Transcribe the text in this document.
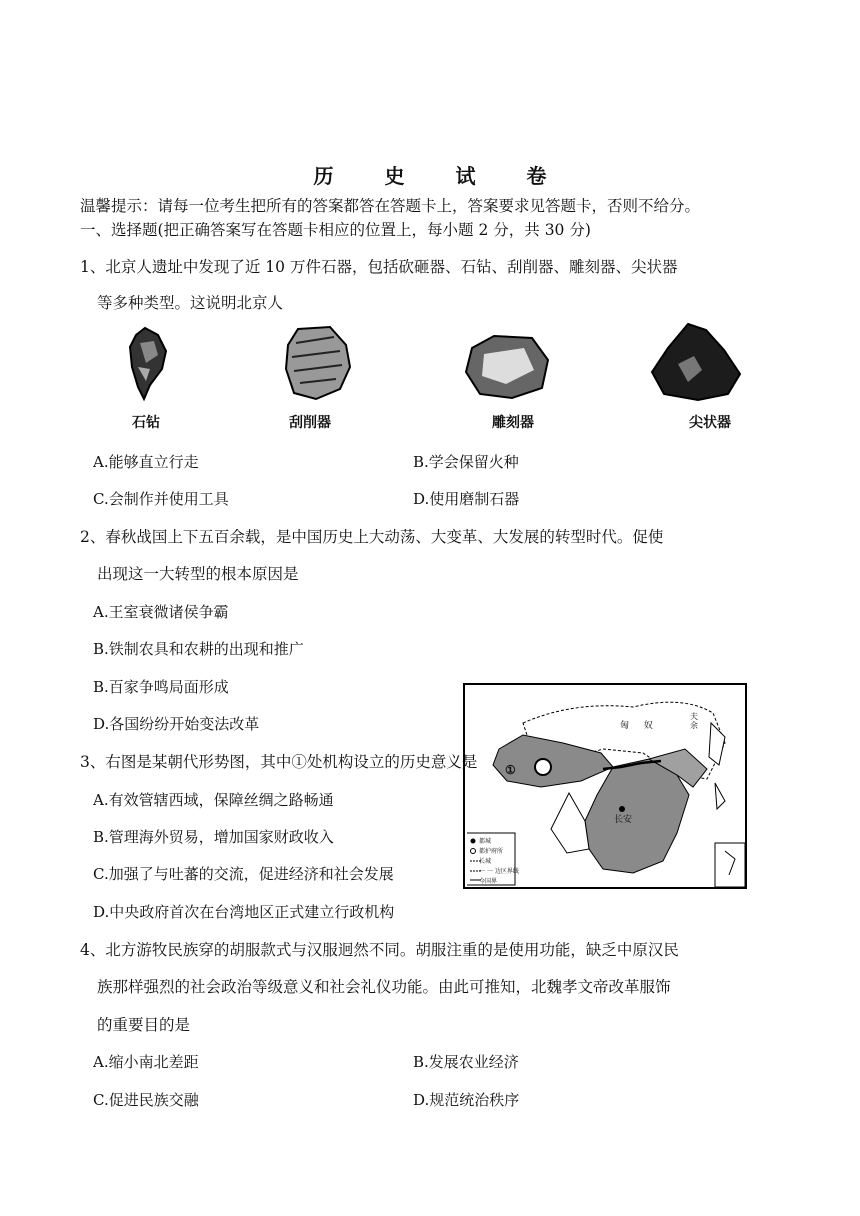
历 史 试 卷
温馨提示：请每一位考生把所有的答案都答在答题卡上，答案要求见答题卡，否则不给分。
一、选择题(把正确答案写在答题卡相应的位置上，每小题 2 分，共 30 分)
1、北京人遗址中发现了近 10 万件石器，包括砍砸器、石钻、刮削器、雕刻器、尖状器
等多种类型。这说明北京人
石钻	刮削器	雕刻器	尖状器
A.能够直立行走	B.学会保留火种
C.会制作并使用工具	D.使用磨制石器
2、春秋战国上下五百余载，是中国历史上大动荡、大变革、大发展的转型时代。促使
出现这一大转型的根本原因是
A.王室衰微诸侯争霸
B.铁制农具和农耕的出现和推广
B.百家争鸣局面形成
D.各国纷纷开始变法改革
①
长安
匈 奴
夫 余
都城
都护府所
长城
一 一 边区界线
今国界
3、右图是某朝代形势图，其中①处机构设立的历史意义是
A.有效管辖西域，保障丝绸之路畅通
B.管理海外贸易，增加国家财政收入
C.加强了与吐蕃的交流，促进经济和社会发展
D.中央政府首次在台湾地区正式建立行政机构
4、北方游牧民族穿的胡服款式与汉服迥然不同。胡服注重的是使用功能，缺乏中原汉民
族那样强烈的社会政治等级意义和社会礼仪功能。由此可推知，北魏孝文帝改革服饰
的重要目的是
A.缩小南北差距	B.发展农业经济
C.促进民族交融	D.规范统治秩序
